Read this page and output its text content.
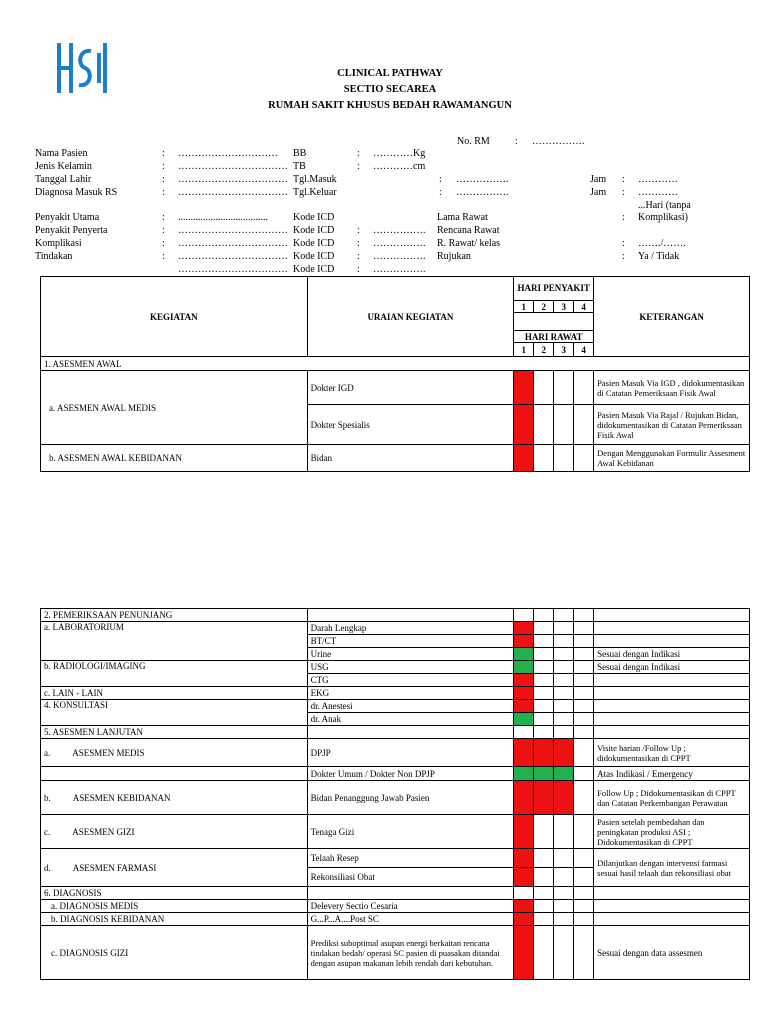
CLINICAL PATHWAY
SECTIO SECAREA
RUMAH SAKIT KHUSUS BEDAH RAWAMANGUN
No. RM	: …………….
Nama Pasien	: ………………………… BB	: …………Kg
Jenis Kelamin	: …………………………… TB	: …………cm
Tanggal Lahir	: …………………………… Tgl.Masuk	: …………….	Jam : …………
Diagnosa Masuk RS	: …………………………… Tgl.Keluar	: …………….	Jam : …………
...Hari (tanpa
Penyakit Utama	: ....................................	Kode ICD	Lama Rawat	: Komplikasi)
Penyakit Penyerta	: …………………………… Kode ICD : ……………. Rencana Rawat
Komplikasi	: …………………………… Kode ICD : ……………. R. Rawat/ kelas	: ……./…….
Tindakan	: …………………………… Kode ICD : ……………. Rujukan	: Ya / Tidak
…………………………… Kode ICD : …………….
KEGIATAN	URAIAN KEGIATAN	HARI PENYAKIT				KETERANGAN

		1	2	3	4	

		HARI RAWAT				
		1	2	3	4	
1. ASESMEN AWAL						
a. ASESMEN AWAL MEDIS	Dokter IGD					Pasien Masuk Via IGD , didokumentasikan di Catatan Pemeriksaan Fisik Awal
	Dokter Spesialis					Pasien Masuk Via Rajal / Rujukan Bidan, didokumentasikan di Catatan Pemeriksaan Fisik Awal
b. ASESMEN AWAL KEBIDANAN	Bidan					Dengan Menggunakan Formulir Assesment Awal Kebidanan
2. PEMERIKSAAN PENUNJANG						
a. LABORATORIUM	Darah Lengkap					
	BT/CT					
	Urine					Sesuai dengan Indikasi
b. RADIOLOGI/IMAGING	USG					Sesuai dengan Indikasi
	CTG					
c. LAIN - LAIN	EKG					
4. KONSULTASI	dr. Anestesi					
	dr. Anak					
5. ASESMEN LANJUTAN						
a. ASESMEN MEDIS	DPJP					Visite harian /Follow Up ; didokumentasikan di CPPT
	Dokter Umum / Dokter Non DPJP					Atas Indikasi / Emergency
b. ASESMEN KEBIDANAN	Bidan Penanggung Jawab Pasien					Follow Up ; Didokumentasikan di CPPT dan Catatan Perkembangan Perawatan
c. ASESMEN GIZI	Tenaga Gizi					Pasien setelah pembedahan dan peningkatan produksi ASI ; Didokumentasikan di CPPT
d. ASESMEN FARMASI	Telaah Resep					Dilanjutkan dengan intervensi farmasi sesuai hasil telaah dan rekonsiliasi obat
	Rekonsiliasi Obat					
6. DIAGNOSIS						
a. DIAGNOSIS MEDIS	Delevery Sectio Cesaria					
b. DIAGNOSIS KEBIDANAN	G...P...A....Post SC					
c. DIAGNOSIS GIZI	Prediksi suboptimal asupan energi berkaitan rencana tindakan bedah/ operasi SC pasien di puasakan ditandai dengan asupan makanan lebih rendah dari kebutuhan.					Sesuai dengan data assesmen
